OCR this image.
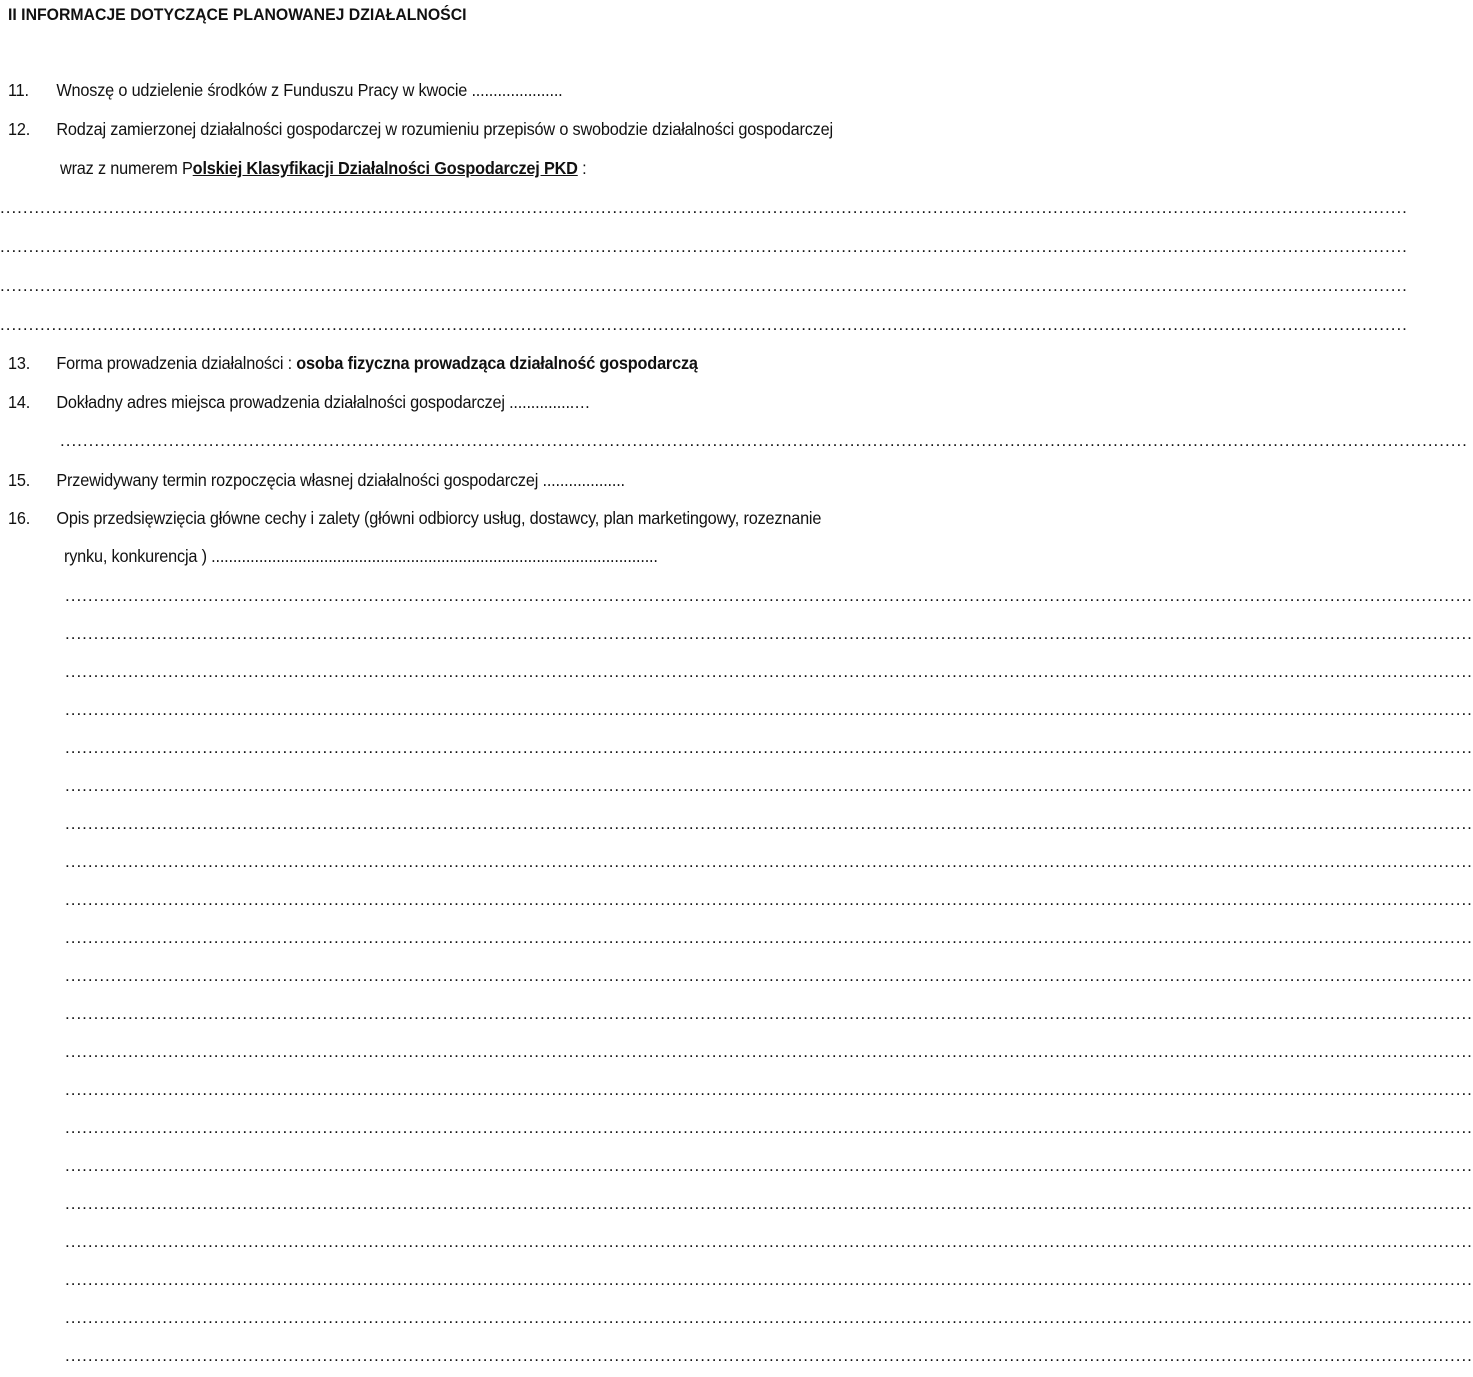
II INFORMACJE DOTYCZĄCE PLANOWANEJ DZIAŁALNOŚCI
11. Wnoszę o udzielenie środków z Funduszu Pracy w kwocie .....................
12. Rodzaj zamierzonej działalności gospodarczej w rozumieniu przepisów o swobodzie działalności gospodarczej
wraz z numerem Polskiej Klasyfikacji Działalności Gospodarczej PKD :
......................................................................................................................................................................................................................................................
......................................................................................................................................................................................................................................................
......................................................................................................................................................................................................................................................
......................................................................................................................................................................................................................................................
13. Forma prowadzenia działalności : osoba fizyczna prowadząca działalność gospodarczą
14. Dokładny adres miejsca prowadzenia działalności gospodarczej ...............…
......................................................................................................................................................................................................................................................
15. Przewidywany termin rozpoczęcia własnej działalności gospodarczej ...................
16. Opis przedsięwzięcia główne cechy i zalety (główni odbiorcy usług, dostawcy, plan marketingowy, rozeznanie
rynku, konkurencja ) .......................................................................................................
......................................................................................................................................................................................................................................................
......................................................................................................................................................................................................................................................
......................................................................................................................................................................................................................................................
......................................................................................................................................................................................................................................................
......................................................................................................................................................................................................................................................
......................................................................................................................................................................................................................................................
......................................................................................................................................................................................................................................................
......................................................................................................................................................................................................................................................
......................................................................................................................................................................................................................................................
......................................................................................................................................................................................................................................................
......................................................................................................................................................................................................................................................
......................................................................................................................................................................................................................................................
......................................................................................................................................................................................................................................................
......................................................................................................................................................................................................................................................
......................................................................................................................................................................................................................................................
......................................................................................................................................................................................................................................................
......................................................................................................................................................................................................................................................
......................................................................................................................................................................................................................................................
......................................................................................................................................................................................................................................................
......................................................................................................................................................................................................................................................
......................................................................................................................................................................................................................................................
